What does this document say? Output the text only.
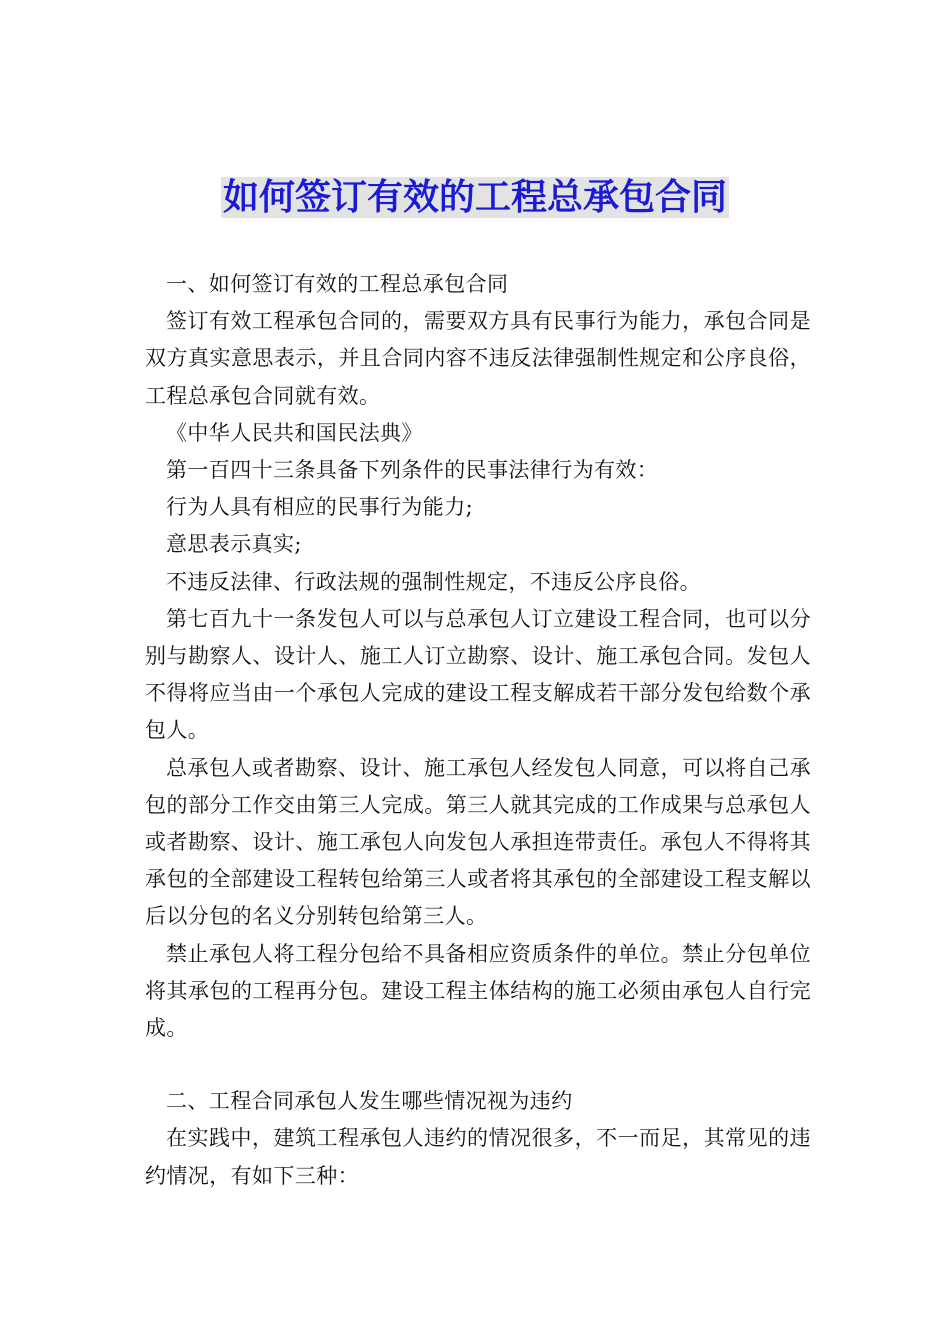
如何签订有效的工程总承包合同

一、如何签订有效的工程总承包合同

签订有效工程承包合同的，需要双方具有民事行为能力，承包合同是双方真实意思表示，并且合同内容不违反法律强制性规定和公序良俗，工程总承包合同就有效。

《中华人民共和国民法典》

第一百四十三条具备下列条件的民事法律行为有效：

行为人具有相应的民事行为能力;

意思表示真实;

不违反法律、行政法规的强制性规定，不违反公序良俗。

第七百九十一条发包人可以与总承包人订立建设工程合同，也可以分别与勘察人、设计人、施工人订立勘察、设计、施工承包合同。发包人不得将应当由一个承包人完成的建设工程支解成若干部分发包给数个承包人。

总承包人或者勘察、设计、施工承包人经发包人同意，可以将自己承包的部分工作交由第三人完成。第三人就其完成的工作成果与总承包人或者勘察、设计、施工承包人向发包人承担连带责任。承包人不得将其承包的全部建设工程转包给第三人或者将其承包的全部建设工程支解以后以分包的名义分别转包给第三人。

禁止承包人将工程分包给不具备相应资质条件的单位。禁止分包单位将其承包的工程再分包。建设工程主体结构的施工必须由承包人自行完成。

二、工程合同承包人发生哪些情况视为违约

在实践中，建筑工程承包人违约的情况很多，不一而足，其常见的违约情况，有如下三种：
